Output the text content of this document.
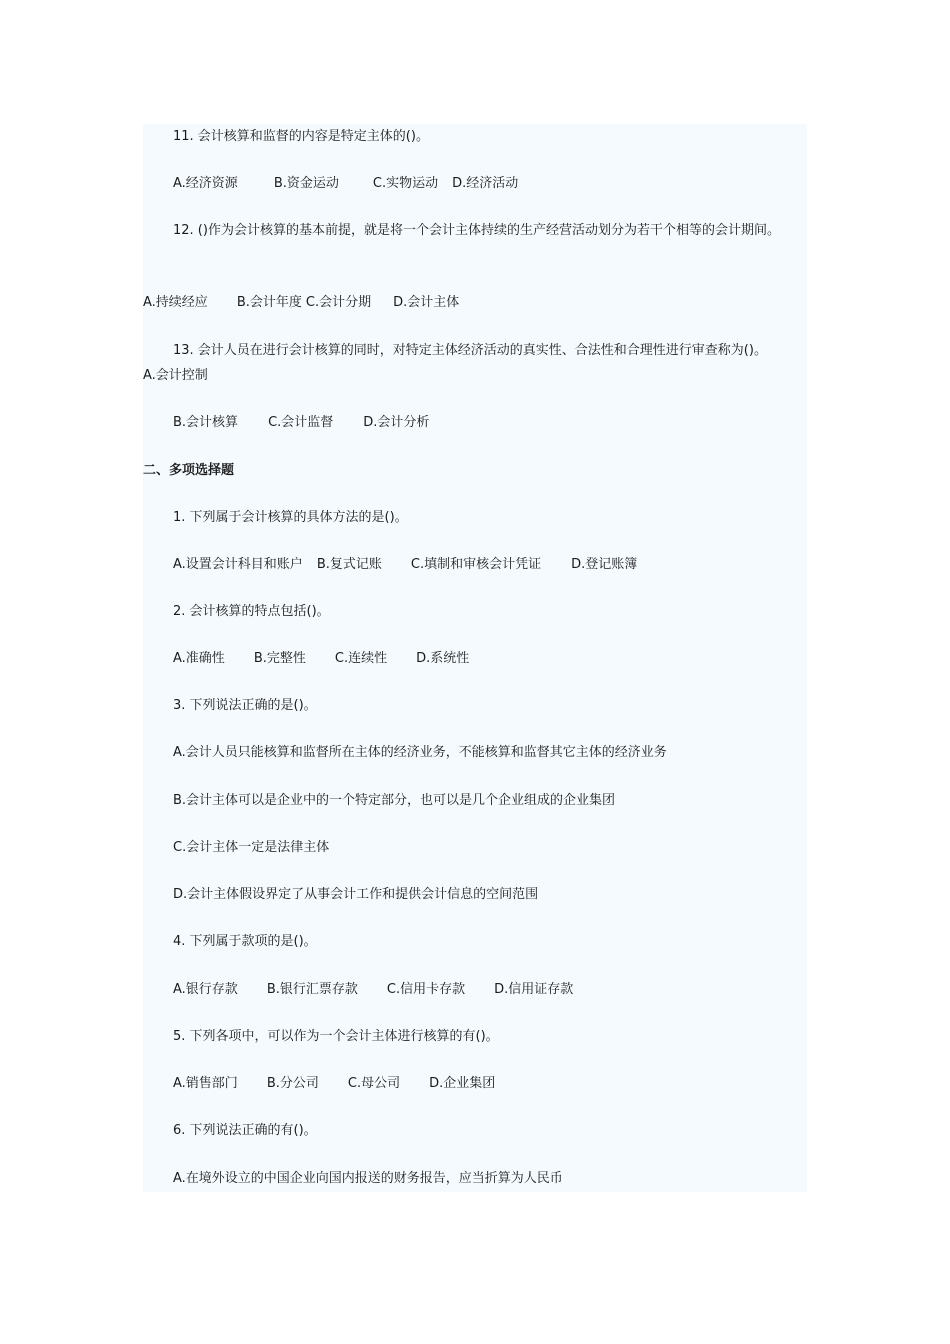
11. 会计核算和监督的内容是特定主体的()。
A.经济资源	B.资金运动	C.实物运动 D.经济活动
12. ()作为会计核算的基本前提，就是将一个会计主体持续的生产经营活动划分为若干个相等的会计期间。
A.持续经应 B.会计年度 C.会计分期 D.会计主体
13. 会计人员在进行会计核算的同时，对特定主体经济活动的真实性、合法性和合理性进行审查称为()。A.会计控制
B.会计核算 C.会计监督 D.会计分析
二、多项选择题
1. 下列属于会计核算的具体方法的是()。
A.设置会计科目和账户 B.复式记账 C.填制和审核会计凭证 D.登记账簿
2. 会计核算的特点包括()。
A.准确性 B.完整性 C.连续性 D.系统性
3. 下列说法正确的是()。
A.会计人员只能核算和监督所在主体的经济业务，不能核算和监督其它主体的经济业务
B.会计主体可以是企业中的一个特定部分，也可以是几个企业组成的企业集团
C.会计主体一定是法律主体
D.会计主体假设界定了从事会计工作和提供会计信息的空间范围
4. 下列属于款项的是()。
A.银行存款 B.银行汇票存款 C.信用卡存款 D.信用证存款
5. 下列各项中，可以作为一个会计主体进行核算的有()。
A.销售部门 B.分公司 C.母公司 D.企业集团
6. 下列说法正确的有()。
A.在境外设立的中国企业向国内报送的财务报告，应当折算为人民币
